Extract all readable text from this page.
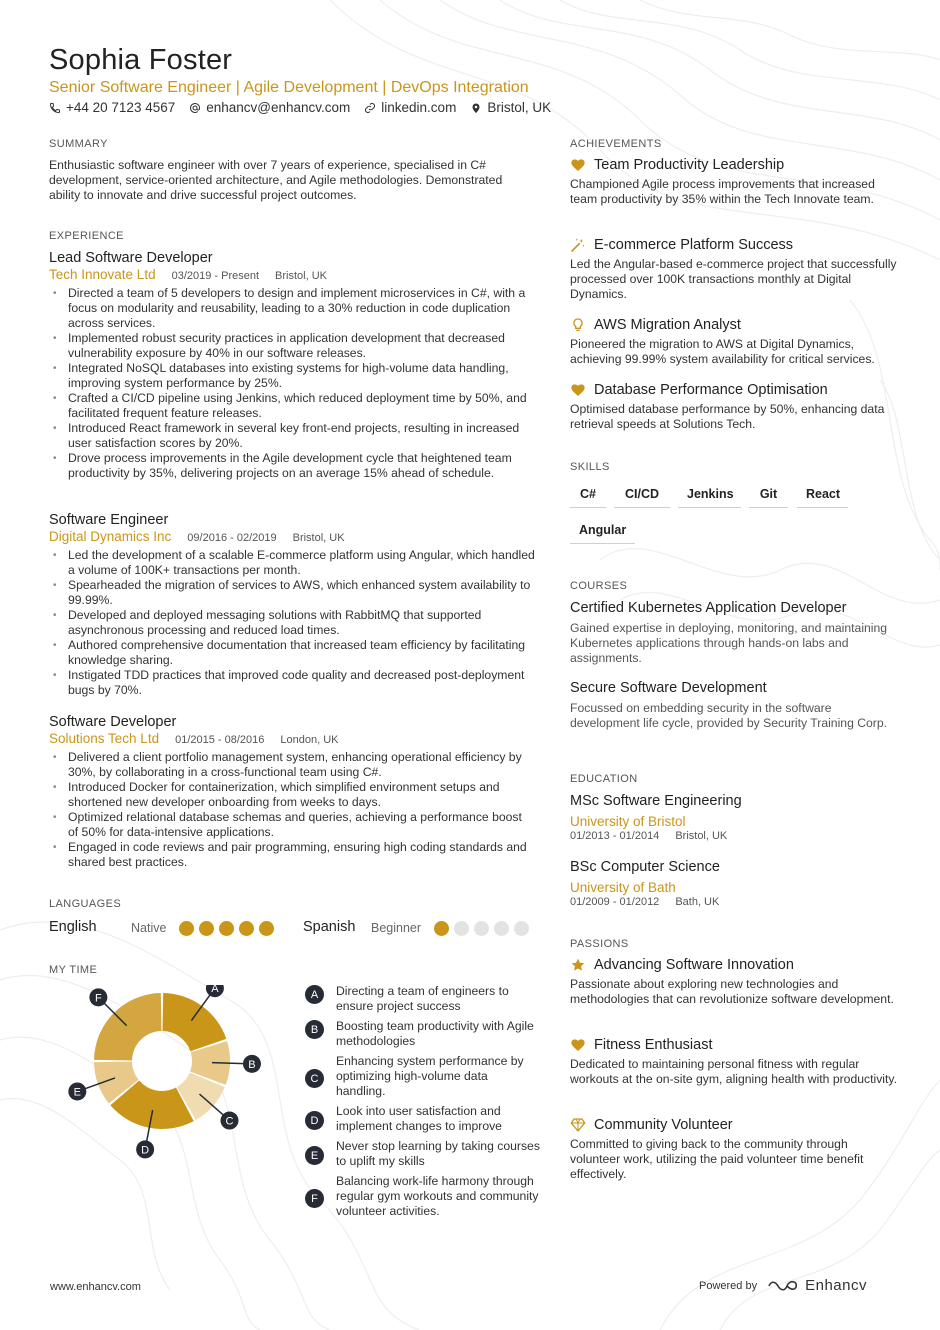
Sophia Foster
Senior Software Engineer | Agile Development | DevOps Integration
+44 20 7123 4567 enhancv@enhancv.com linkedin.com Bristol, UK
SUMMARY
Enthusiastic software engineer with over 7 years of experience, specialised in C# development, service-oriented architecture, and Agile methodologies. Demonstrated ability to innovate and drive successful project outcomes.
EXPERIENCE
Lead Software Developer
Tech Innovate Ltd 03/2019 - Present Bristol, UK
• Directed a team of 5 developers to design and implement microservices in C#, with a focus on modularity and reusability, leading to a 30% reduction in code duplication across services.
• Implemented robust security practices in application development that decreased vulnerability exposure by 40% in our software releases.
• Integrated NoSQL databases into existing systems for high-volume data handling, improving system performance by 25%.
• Crafted a CI/CD pipeline using Jenkins, which reduced deployment time by 50%, and facilitated frequent feature releases.
• Introduced React framework in several key front-end projects, resulting in increased user satisfaction scores by 20%.
• Drove process improvements in the Agile development cycle that heightened team productivity by 35%, delivering projects on an average 15% ahead of schedule.
Software Engineer
Digital Dynamics Inc 09/2016 - 02/2019 Bristol, UK
• Led the development of a scalable E-commerce platform using Angular, which handled a volume of 100K+ transactions per month.
• Spearheaded the migration of services to AWS, which enhanced system availability to 99.99%.
• Developed and deployed messaging solutions with RabbitMQ that supported asynchronous processing and reduced load times.
• Authored comprehensive documentation that increased team efficiency by facilitating knowledge sharing.
• Instigated TDD practices that improved code quality and decreased post-deployment bugs by 70%.
Software Developer
Solutions Tech Ltd 01/2015 - 08/2016 London, UK
• Delivered a client portfolio management system, enhancing operational efficiency by 30%, by collaborating in a cross-functional team using C#.
• Introduced Docker for containerization, which simplified environment setups and shortened new developer onboarding from weeks to days.
• Optimized relational database schemas and queries, achieving a performance boost of 50% for data-intensive applications.
• Engaged in code reviews and pair programming, ensuring high coding standards and shared best practices.
LANGUAGES
English	Native	Spanish Beginner
MY TIME
A
B
C
D
E
F	A	Directing a team of engineers to ensure project success
B	Boosting team productivity with Agile methodologies
C
Enhancing system performance by optimizing high-volume data handling.
D
Look into user satisfaction and implement changes to improve
E
Never stop learning by taking courses to uplift my skills
F
Balancing work-life harmony through regular gym workouts and community volunteer activities.
ACHIEVEMENTS
Team Productivity Leadership
Championed Agile process improvements that increased team productivity by 35% within the Tech Innovate team.
E-commerce Platform Success
Led the Angular-based e-commerce project that successfully processed over 100K transactions monthly at Digital Dynamics.
AWS Migration Analyst
Pioneered the migration to AWS at Digital Dynamics, achieving 99.99% system availability for critical services.
Database Performance Optimisation
Optimised database performance by 50%, enhancing data retrieval speeds at Solutions Tech.
SKILLS
C#	CI/CD	Jenkins	Git	React
Angular
COURSES
Certified Kubernetes Application Developer
Gained expertise in deploying, monitoring, and maintaining Kubernetes applications through hands-on labs and assignments.
Secure Software Development
Focussed on embedding security in the software development life cycle, provided by Security Training Corp.
EDUCATION
MSc Software Engineering
University of Bristol
01/2013 - 01/2014 Bristol, UK
BSc Computer Science
University of Bath
01/2009 - 01/2012 Bath, UK
PASSIONS
Advancing Software Innovation
Passionate about exploring new technologies and methodologies that can revolutionize software development.
Fitness Enthusiast
Dedicated to maintaining personal fitness with regular workouts at the on-site gym, aligning health with productivity.
Community Volunteer
Committed to giving back to the community through volunteer work, utilizing the paid volunteer time benefit effectively.
www.enhancv.com	Powered by	Enhancv
